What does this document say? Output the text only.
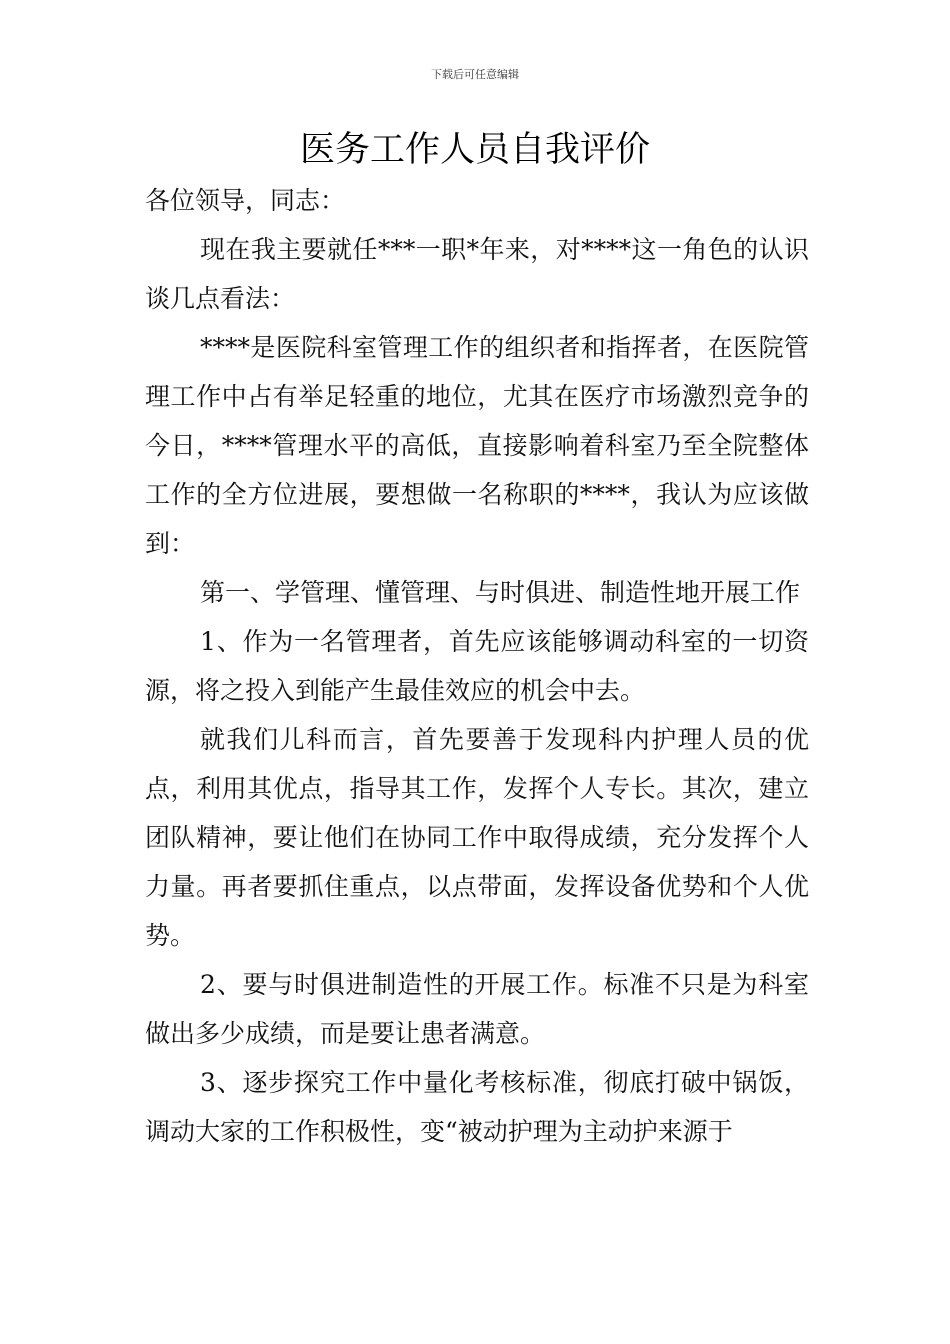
下载后可任意编辑
医务工作人员自我评价

各位领导，同志：

现在我主要就任***一职*年来，对****这一角色的认识谈几点看法：

****是医院科室管理工作的组织者和指挥者，在医院管理工作中占有举足轻重的地位，尤其在医疗市场激烈竞争的今日，****管理水平的高低，直接影响着科室乃至全院整体工作的全方位进展，要想做一名称职的****，我认为应该做到：

第一、学管理、懂管理、与时俱进、制造性地开展工作

1、作为一名管理者，首先应该能够调动科室的一切资源，将之投入到能产生最佳效应的机会中去。

就我们儿科而言，首先要善于发现科内护理人员的优点，利用其优点，指导其工作，发挥个人专长。其次，建立团队精神，要让他们在协同工作中取得成绩，充分发挥个人力量。再者要抓住重点，以点带面，发挥设备优势和个人优势。

2、要与时俱进制造性的开展工作。标准不只是为科室做出多少成绩，而是要让患者满意。

3、逐步探究工作中量化考核标准，彻底打破中锅饭，调动大家的工作积极性，变“被动护理为主动护来源于
